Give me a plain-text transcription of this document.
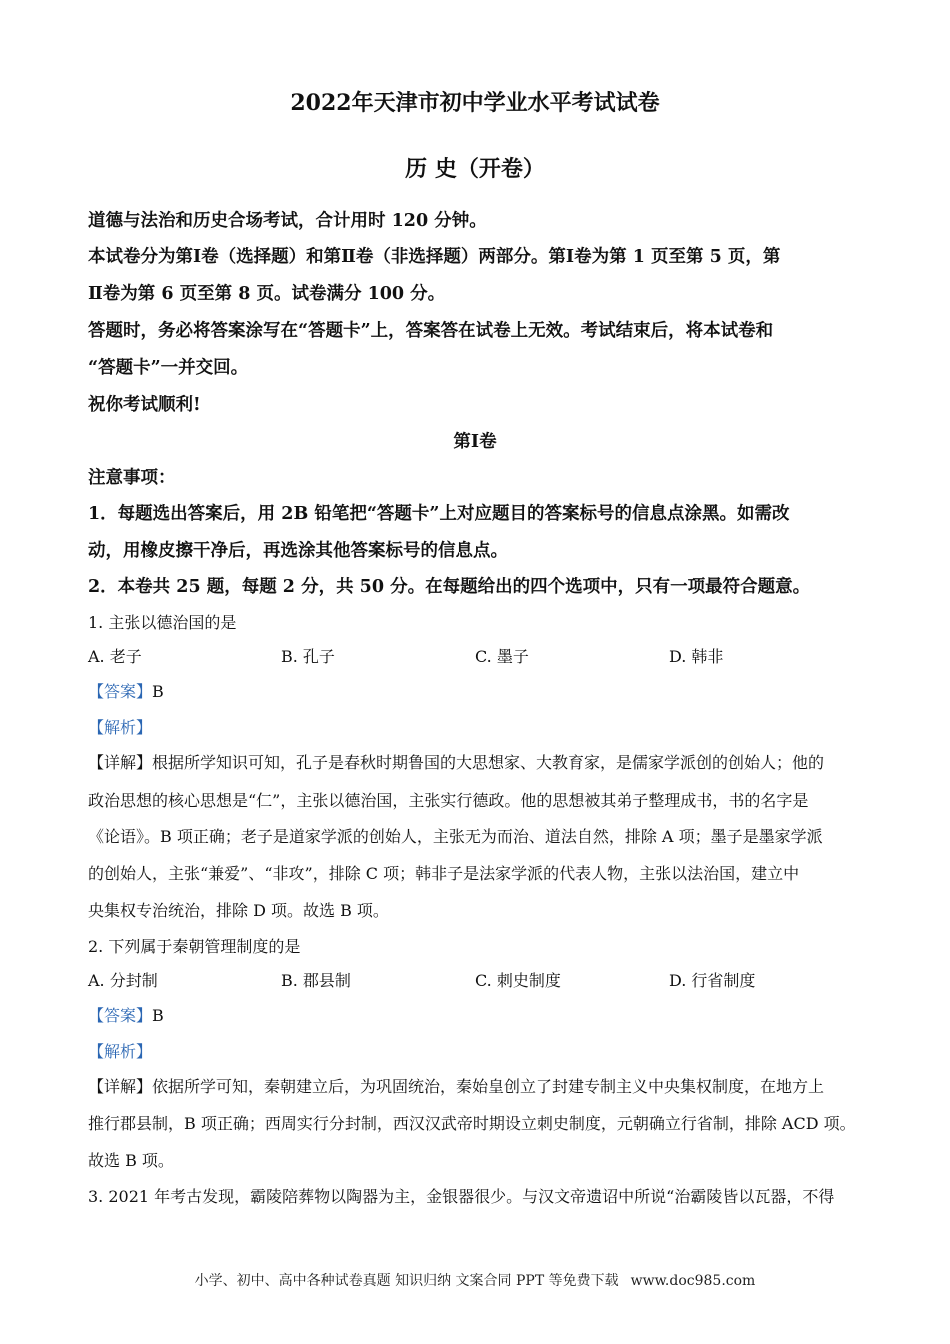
2022年天津市初中学业水平考试试卷
历 史（开卷）
道德与法治和历史合场考试，合计用时 120 分钟。
本试卷分为第Ⅰ卷（选择题）和第Ⅱ卷（非选择题）两部分。第Ⅰ卷为第 1 页至第 5 页，第
Ⅱ卷为第 6 页至第 8 页。试卷满分 100 分。
答题时，务必将答案涂写在“答题卡”上，答案答在试卷上无效。考试结束后，将本试卷和
“答题卡”一并交回。
祝你考试顺利!
第Ⅰ卷
注意事项：
1．每题选出答案后，用 2B 铅笔把“答题卡”上对应题目的答案标号的信息点涂黑。如需改
动，用橡皮擦干净后，再选涂其他答案标号的信息点。
2．本卷共 25 题，每题 2 分，共 50 分。在每题给出的四个选项中，只有一项最符合题意。
1. 主张以德治国的是
A. 老子	B. 孔子	C. 墨子	D. 韩非
【答案】B
【解析】
【详解】根据所学知识可知，孔子是春秋时期鲁国的大思想家、大教育家，是儒家学派创的创始人；他的
政治思想的核心思想是“仁”，主张以德治国，主张实行德政。他的思想被其弟子整理成书，书的名字是
《论语》。B 项正确；老子是道家学派的创始人，主张无为而治、道法自然，排除 A 项；墨子是墨家学派
的创始人，主张“兼爱”、“非攻”，排除 C 项；韩非子是法家学派的代表人物，主张以法治国，建立中
央集权专治统治，排除 D 项。故选 B 项。
2. 下列属于秦朝管理制度的是
A. 分封制	B. 郡县制	C. 刺史制度	D. 行省制度
【答案】B
【解析】
【详解】依据所学可知，秦朝建立后，为巩固统治，秦始皇创立了封建专制主义中央集权制度，在地方上
推行郡县制，B 项正确；西周实行分封制，西汉汉武帝时期设立刺史制度，元朝确立行省制，排除 ACD 项。
故选 B 项。
3. 2021 年考古发现，霸陵陪葬物以陶器为主，金银器很少。与汉文帝遗诏中所说“治霸陵皆以瓦器，不得
小学、初中、高中各种试卷真题 知识归纳 文案合同 PPT 等免费下载 www.doc985.com
